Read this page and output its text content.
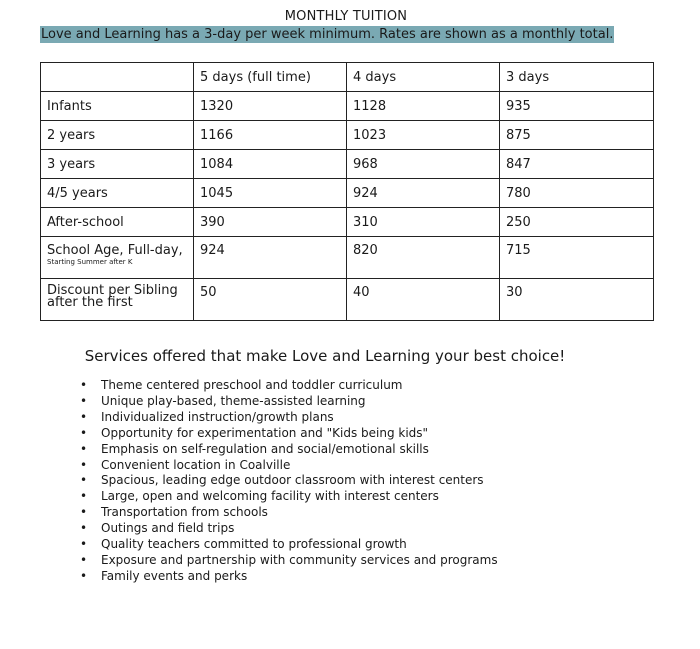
MONTHLY TUITION
Love and Learning has a 3-day per week minimum. Rates are shown as a monthly total.
	5 days (full time)	4 days	3 days
Infants	1320	1128	935
2 years	1166	1023	875
3 years	1084	968	847
4/5 years	1045	924	780
After-school	390	310	250
School Age, Full-day,
Starting Summer after K	924	820	715

Discount per Sibling after the first	50	40	30
Services offered that make Love and Learning your best choice!
• Theme centered preschool and toddler curriculum
• Unique play-based, theme-assisted learning
• Individualized instruction/growth plans
• Opportunity for experimentation and "Kids being kids"
• Emphasis on self-regulation and social/emotional skills
• Convenient location in Coalville
• Spacious, leading edge outdoor classroom with interest centers
• Large, open and welcoming facility with interest centers
• Transportation from schools
• Outings and field trips
• Quality teachers committed to professional growth
• Exposure and partnership with community services and programs
• Family events and perks
